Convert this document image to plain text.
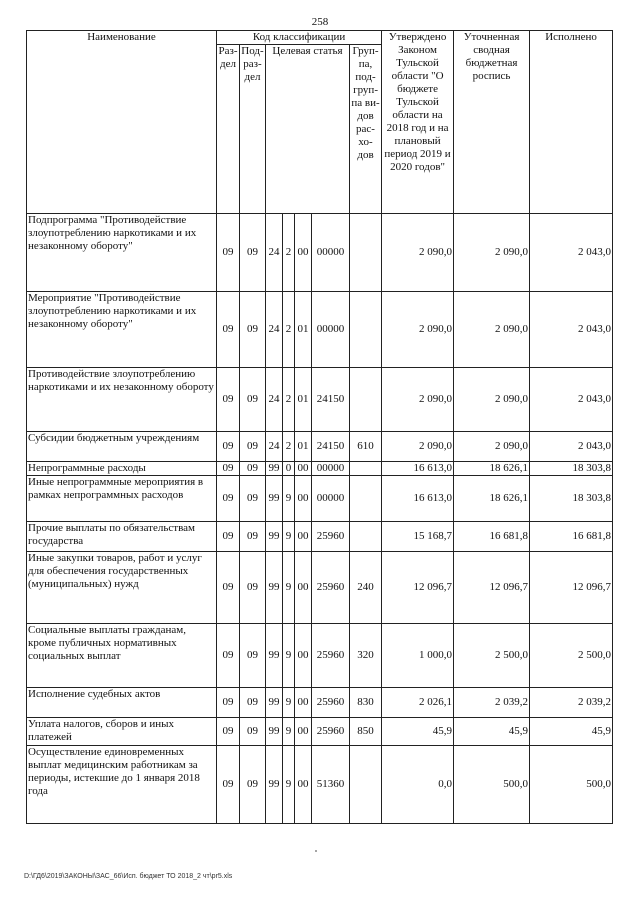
258
Наименование	Код классификации							Утверждено Законом Тульской области "О бюджете Тульской области на 2018 год и на плановый период 2019 и 2020 годов"	Уточненная сводная бюджетная роспись	Исполнено
	Раз-дел	Под-раз-дел	Целевая статья				Груп-па, под-груп-па ви-дов рас-хо-дов			
Подпрограмма "Противодействие злоупотреблению наркотиками и их незаконному обороту"	09	09	24	2	00	00000		2 090,0	2 090,0	2 043,0
Мероприятие "Противодействие злоупотреблению наркотиками и их незаконному обороту"	09	09	24	2	01	00000		2 090,0	2 090,0	2 043,0
Противодействие злоупотреблению наркотиками и их незаконному обороту	09	09	24	2	01	24150		2 090,0	2 090,0	2 043,0
Субсидии бюджетным учреждениям	09	09	24	2	01	24150	610	2 090,0	2 090,0	2 043,0
Непрограммные расходы	09	09	99	0	00	00000		16 613,0	18 626,1	18 303,8
Иные непрограммные мероприятия в рамках непрограммных расходов	09	09	99	9	00	00000		16 613,0	18 626,1	18 303,8
Прочие выплаты по обязательствам государства	09	09	99	9	00	25960		15 168,7	16 681,8	16 681,8
Иные закупки товаров, работ и услуг для обеспечения государственных (муниципальных) нужд	09	09	99	9	00	25960	240	12 096,7	12 096,7	12 096,7
Социальные выплаты гражданам, кроме публичных нормативных социальных выплат	09	09	99	9	00	25960	320	1 000,0	2 500,0	2 500,0
Исполнение судебных актов	09	09	99	9	00	25960	830	2 026,1	2 039,2	2 039,2
Уплата налогов, сборов и иных платежей	09	09	99	9	00	25960	850	45,9	45,9	45,9
Осуществление единовременных выплат медицинским работникам за периоды, истекшие до 1 января 2018 года	09	09	99	9	00	51360		0,0	500,0	500,0
D:\ГД6\2019\ЗАКОНЫ\ЗАС_66\Исп. бюджет ТО 2018_2 чт\pr5.xls
